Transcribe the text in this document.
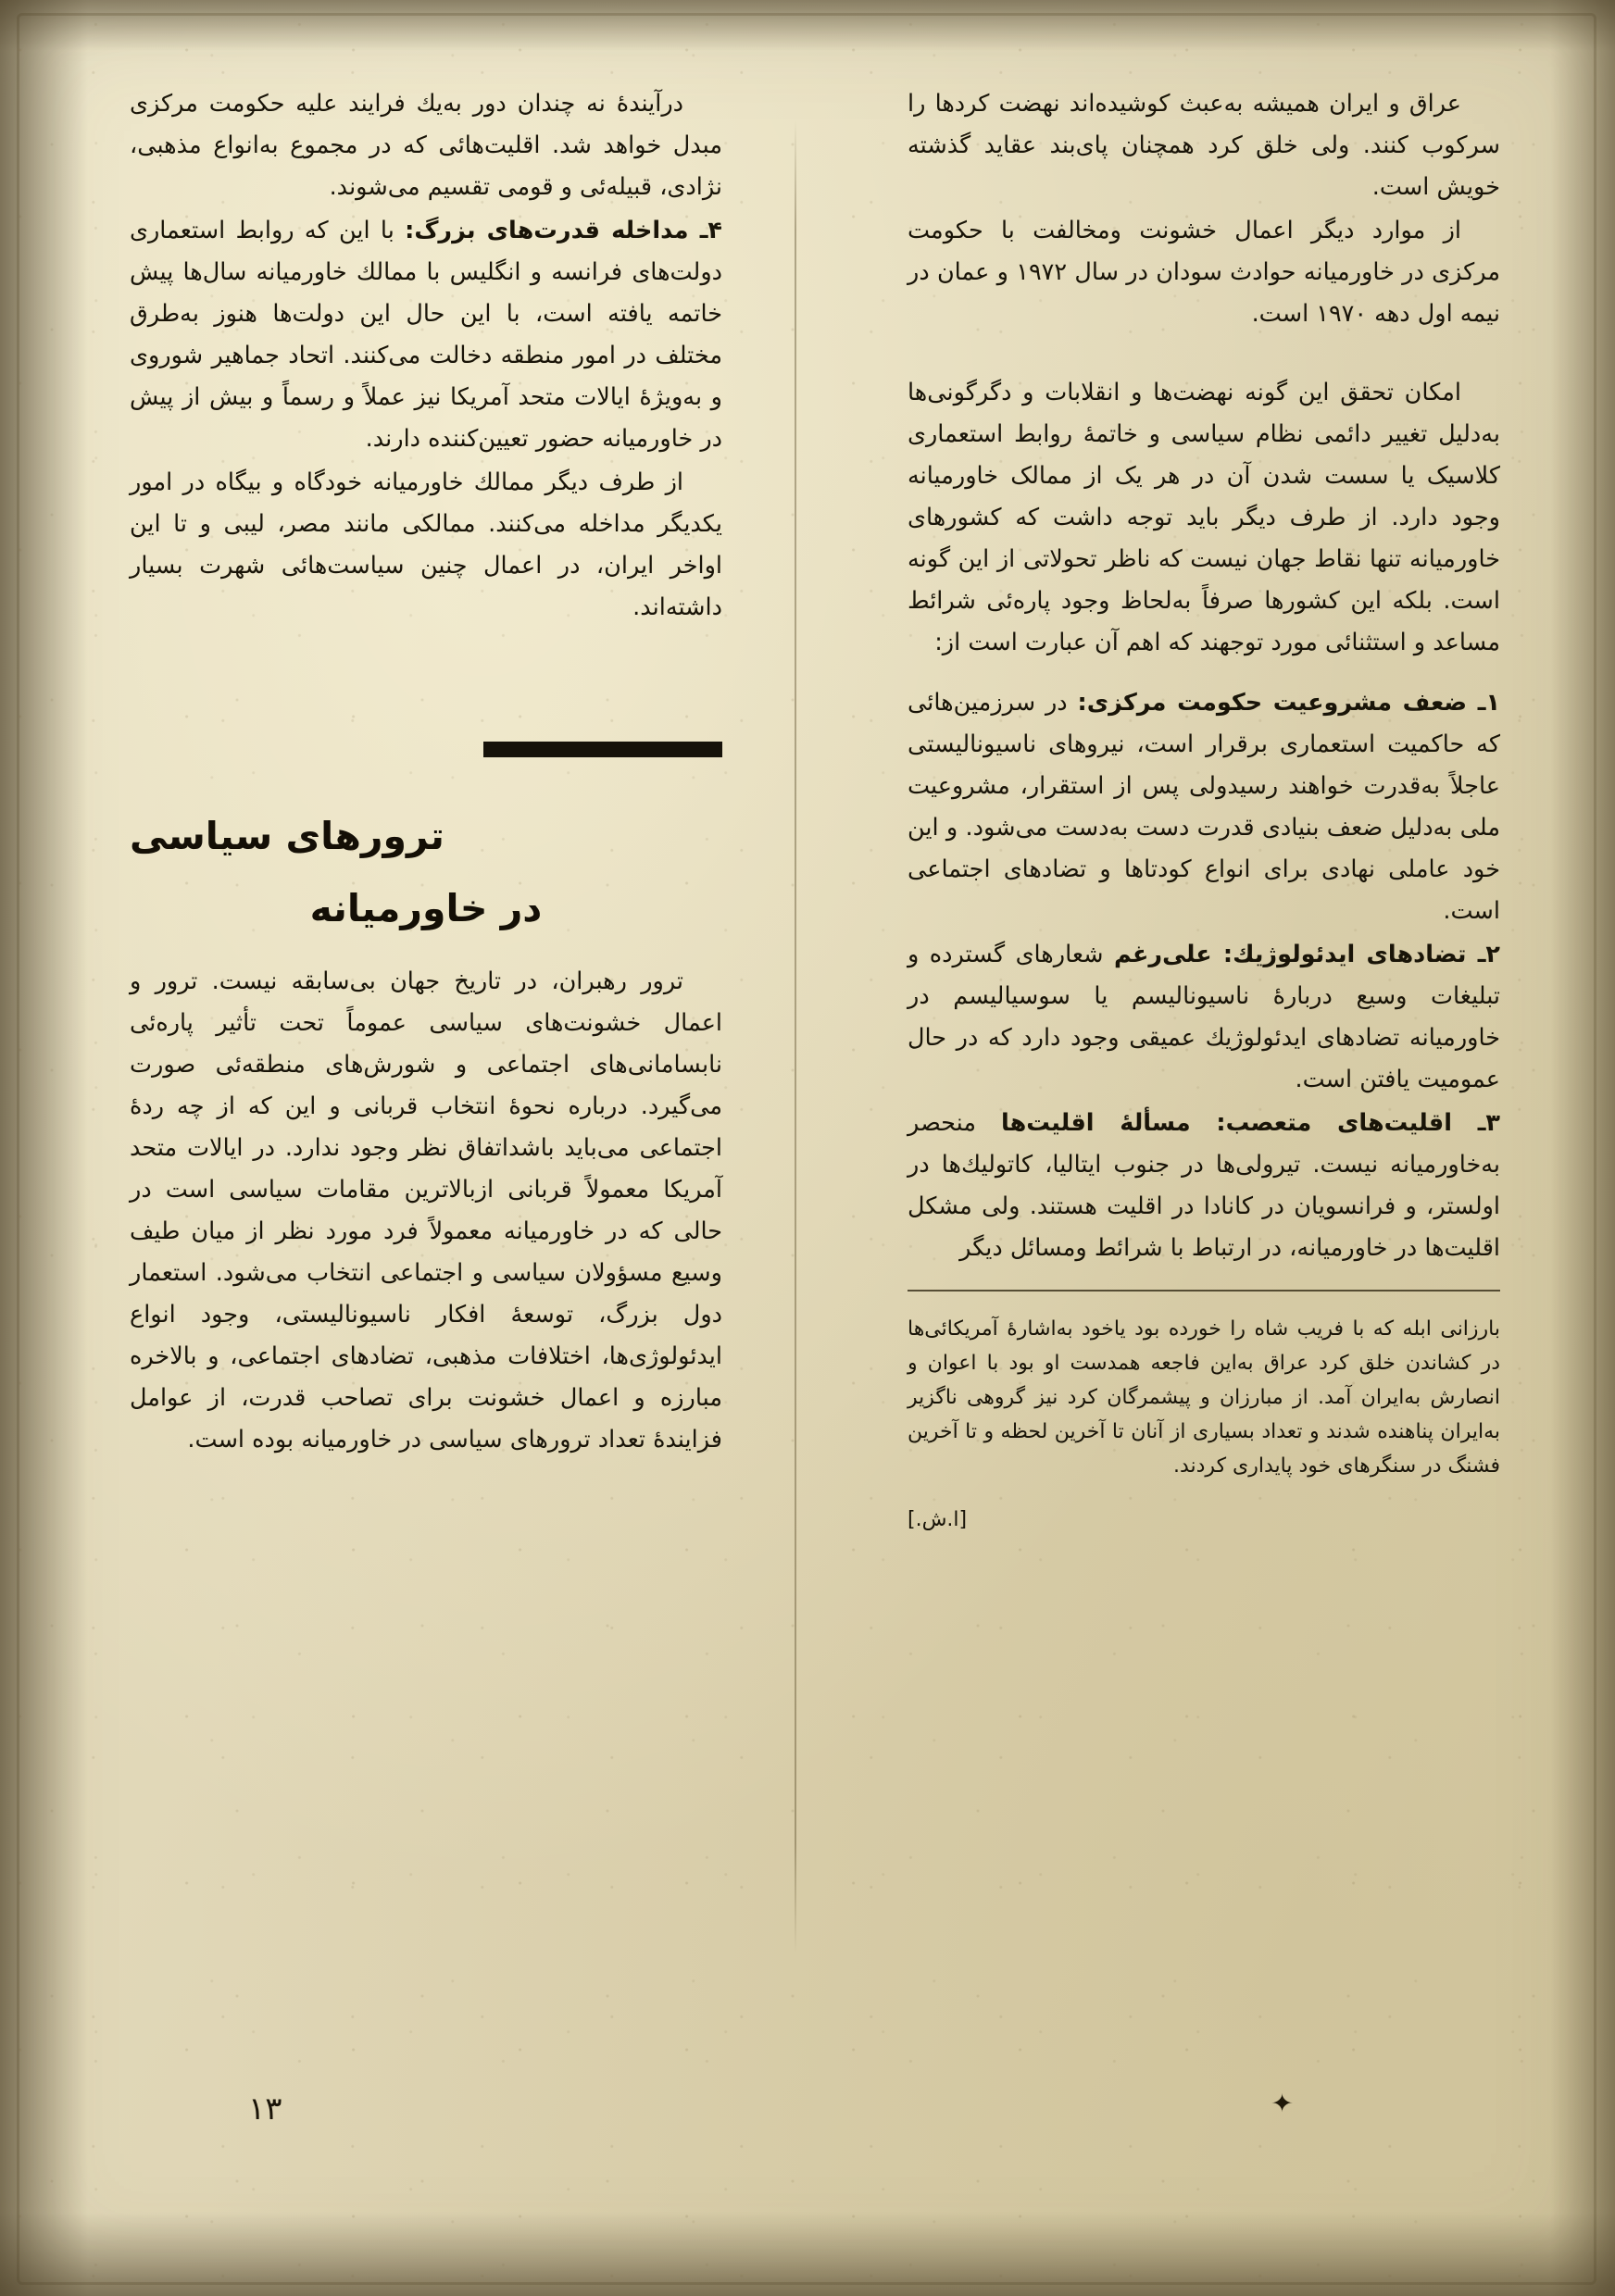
عراق و ایران همیشه به‌عبث کوشیده‌اند نهضت کردها را سرکوب کنند. ولی خلق کرد همچنان پای‌بند عقاید گذشته خویش است.

از موارد دیگر اعمال خشونت ومخالفت با حکومت مرکزی در خاورمیانه حوادث سودان در سال ۱۹۷۲ و عمان در نیمه اول دهه ۱۹۷۰ است.

امکان تحقق این گونه نهضت‌ها و انقلابات و دگرگونی‌ها به‌دلیل تغییر دائمی نظام سیاسی و خاتمهٔ روابط استعماری کلاسیک یا سست شدن آن در هر یک از ممالک خاورمیانه وجود دارد. از طرف دیگر باید توجه داشت که کشورهای خاورمیانه تنها نقاط جهان نیست که ناظر تحولاتی از این گونه است. بلکه این کشورها صرفاً به‌لحاظ وجود پاره‌ئی شرائط مساعد و استثنائی مورد توجهند که اهم آن عبارت است از:

۱ـ ضعف مشروعیت حکومت مرکزی: در سرزمین‌هائی که حاکمیت استعماری برقرار است، نیروهای ناسیونالیستی عاجلاً به‌قدرت خواهند رسید‌ولی پس از استقرار، مشروعیت ملی به‌دلیل ضعف بنیادی قدرت دست به‌دست می‌شود. و این خود عاملی نهادی برای انواع کودتاها و تضادهای اجتماعی است.

۲ـ تضادهای ایدئولوژیك: علی‌رغم شعارهای گسترده و تبلیغات وسیع دربارهٔ ناسیونالیسم یا سوسیالیسم در خاورمیانه تضادهای ایدئولوژیك عمیقی وجود دارد که در حال عمومیت یافتن است.

۳ـ اقلیت‌های متعصب: مسألهٔ اقلیت‌ها منحصر به‌خاورمیانه نیست. تیرولی‌ها در جنوب ایتالیا، کاتولیك‌ها در اولستر، و فرانسویان در کانادا در اقلیت هستند. ولی مشکل اقلیت‌ها در خاورمیانه، در ارتباط با شرائط ومسائل دیگر

بارزانی ابله که با فریب شاه را خورده بود یا‌خود به‌اشارهٔ آمریکائی‌ها در کشاندن خلق کرد عراق به‌این فاجعه همدست او بود با اعوان و انصارش به‌ایران آمد. از مبارزان و پیشمرگان کرد نیز گروهی ناگزیر به‌ایران پناهنده شدند و تعداد بسیاری از آنان تا آخرین لحظه و تا آخرین فشنگ در سنگرهای خود پایداری کردند.

[ا.ش.]

درآیندهٔ نه چندان دور به‌یك فرایند علیه حکومت مرکزی مبدل خواهد شد. اقلیت‌هائی که در مجموع به‌انواع مذهبی، نژادی، قبیله‌ئی و قومی تقسیم می‌شوند.

۴ـ مداخله قدرت‌های بزرگ: با این که روابط استعماری دولت‌های فرانسه و انگلیس با ممالك خاورمیانه سال‌ها پیش خاتمه یافته است، با این حال این دولت‌ها هنوز به‌طرق مختلف در امور منطقه دخالت می‌کنند. اتحاد جماهیر شوروی و به‌ویژهٔ ایالات متحد آمریکا نیز عملاً و رسماً و بیش از پیش در خاورمیانه حضور تعیین‌کننده دارند.

از طرف دیگر ممالك خاورمیانه خودگاه و بیگاه در امور یکدیگر مداخله می‌کنند. ممالکی مانند مصر، لیبی و تا این اواخر ایران، در اعمال چنین سیاست‌هائی شهرت بسیار داشته‌اند.

ترورهای سیاسی
در خاورمیانه

ترور رهبران، در تاریخ جهان بی‌سابقه نیست. ترور و اعمال خشونت‌های سیاسی عموماً تحت تأثیر پاره‌ئی نابسامانی‌های اجتماعی و شورش‌های منطقه‌ئی صورت می‌گیرد. درباره نحوهٔ انتخاب قربانی و این که از چه ردهٔ اجتماعی می‌باید باشد‌اتفاق نظر وجود ندارد. در ایالات متحد آمریکا معمولاً قربانی از‌بالاترین مقامات سیاسی است در حالی که در خاورمیانه معمولاً فرد مورد نظر از میان طیف وسیع مسؤولان سیاسی و اجتماعی انتخاب می‌شود. استعمار دول بزرگ، توسعهٔ افکار ناسیونالیستی، وجود انواع ایدئولوژی‌ها، اختلافات مذهبی، تضادهای اجتماعی، و بالاخره مبارزه و اعمال خشونت برای تصاحب قدرت، از عوامل فزایندهٔ تعداد ترورهای سیاسی در خاورمیانه بوده است.

۱۳	✦
